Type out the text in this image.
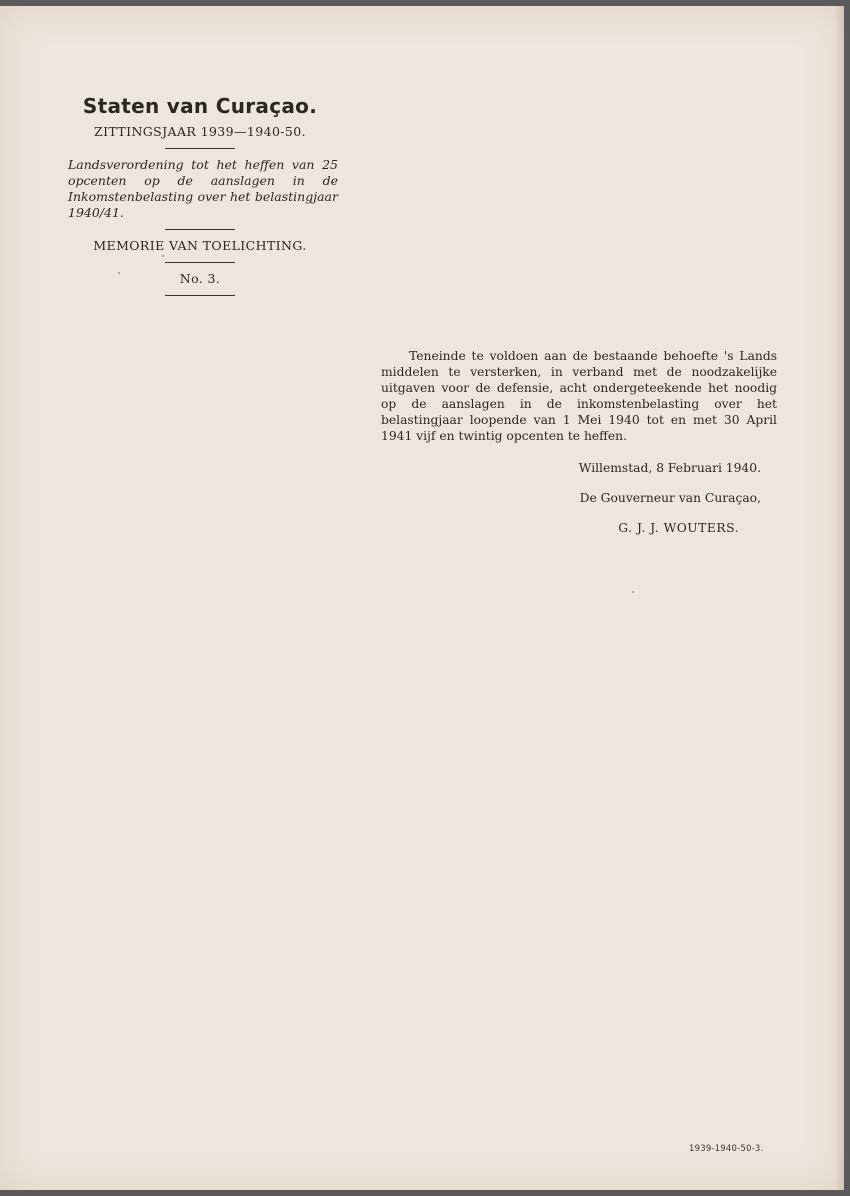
Staten van Curaçao.
ZITTINGSJAAR 1939—1940-50.
Landsverordening tot het heffen van 25 opcenten op de aanslagen in de Inkomstenbelasting over het belastingjaar 1940/41.
MEMORIE VAN TOELICHTING.
No. 3.

Teneinde te voldoen aan de bestaande behoefte 's Lands middelen te versterken, in verband met de noodzakelijke uitgaven voor de defensie, acht ondergeteekende het noodig op de aanslagen in de inkomstenbelasting over het belastingjaar loopende van 1 Mei 1940 tot en met 30 April 1941 vijf en twintig opcenten te heffen.

Willemstad, 8 Februari 1940.
De Gouverneur van Curaçao,
G. J. J. WOUTERS.
1939-1940-50-3.
